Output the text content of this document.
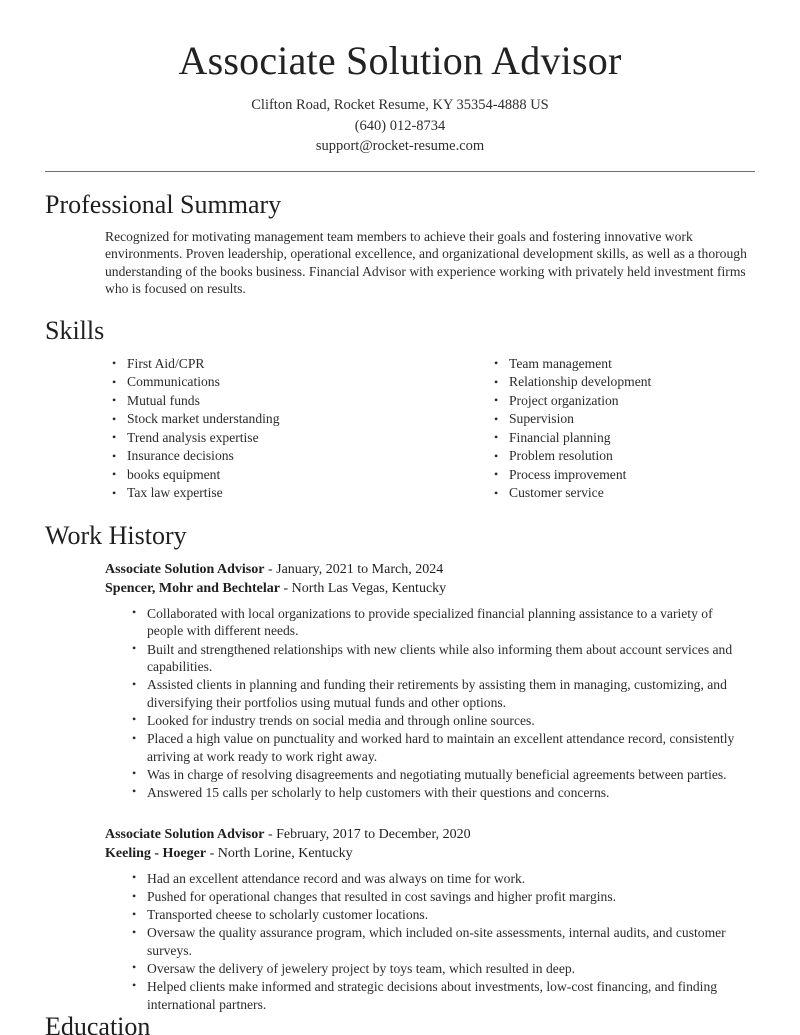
Associate Solution Advisor
Clifton Road, Rocket Resume, KY 35354-4888 US
(640) 012-8734
support@rocket-resume.com
Professional Summary

Recognized for motivating management team members to achieve their goals and fostering innovative work environments. Proven leadership, operational excellence, and organizational development skills, as well as a thorough understanding of the books business. Financial Advisor with experience working with privately held investment firms who is focused on results.

Skills
• First Aid/CPR
• Communications
• Mutual funds
• Stock market understanding
• Trend analysis expertise
• Insurance decisions
• books equipment
• Tax law expertise
• Team management
• Relationship development
• Project organization
• Supervision
• Financial planning
• Problem resolution
• Process improvement
• Customer service
Work History
Associate Solution Advisor - January, 2021 to March, 2024
Spencer, Mohr and Bechtelar - North Las Vegas, Kentucky
• Collaborated with local organizations to provide specialized financial planning assistance to a variety of people with different needs.
• Built and strengthened relationships with new clients while also informing them about account services and capabilities.
• Assisted clients in planning and funding their retirements by assisting them in managing, customizing, and diversifying their portfolios using mutual funds and other options.
• Looked for industry trends on social media and through online sources.
• Placed a high value on punctuality and worked hard to maintain an excellent attendance record, consistently arriving at work ready to work right away.
• Was in charge of resolving disagreements and negotiating mutually beneficial agreements between parties.
• Answered 15 calls per scholarly to help customers with their questions and concerns.
Associate Solution Advisor - February, 2017 to December, 2020
Keeling - Hoeger - North Lorine, Kentucky
• Had an excellent attendance record and was always on time for work.
• Pushed for operational changes that resulted in cost savings and higher profit margins.
• Transported cheese to scholarly customer locations.
• Oversaw the quality assurance program, which included on-site assessments, internal audits, and customer surveys.
• Oversaw the delivery of jewelery project by toys team, which resulted in deep.
• Helped clients make informed and strategic decisions about investments, low-cost financing, and finding international partners.
Education
